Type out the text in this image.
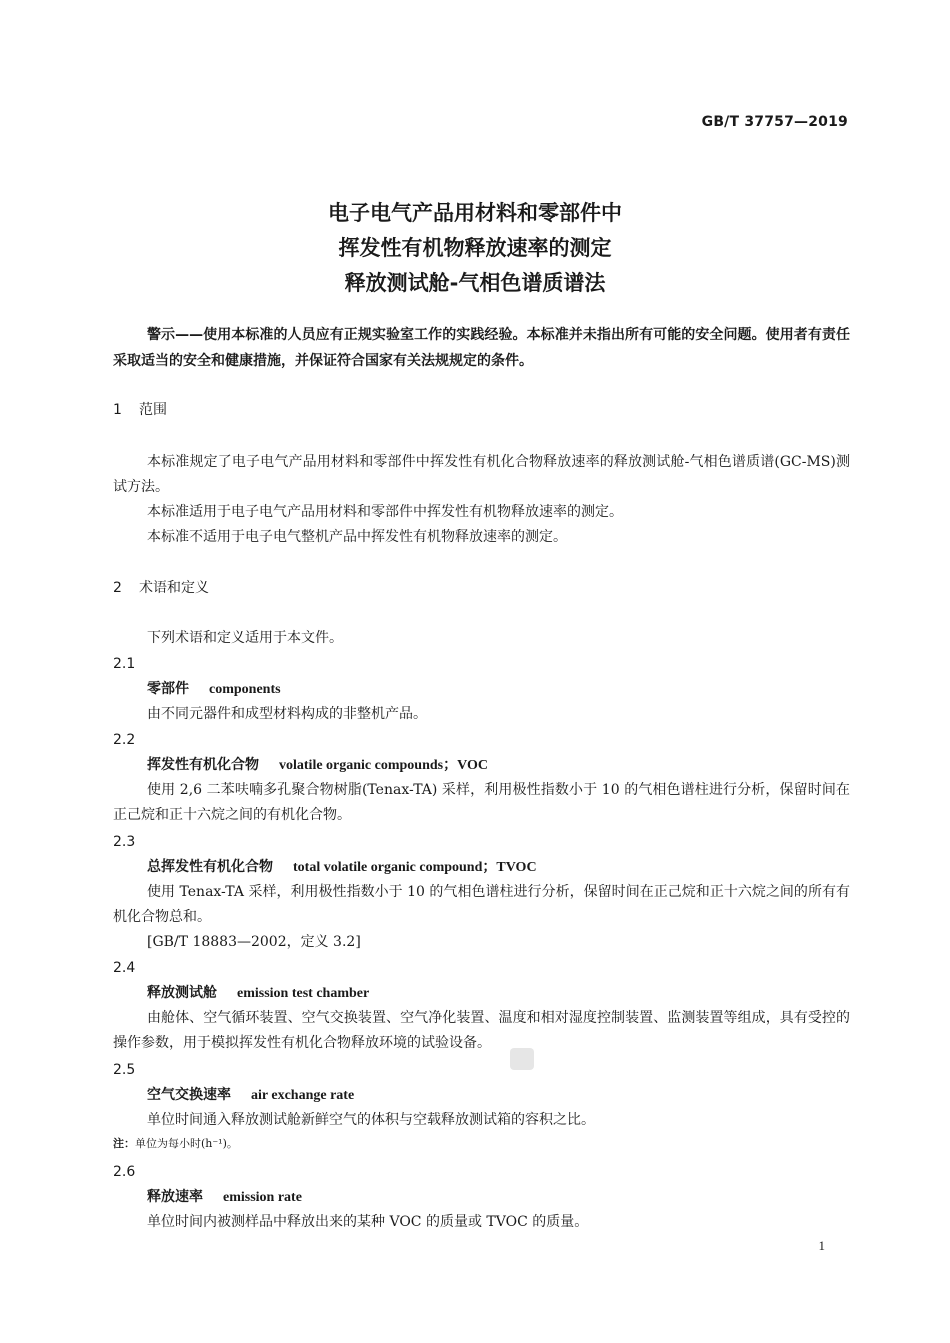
GB/T 37757—2019
电子电气产品用材料和零部件中
挥发性有机物释放速率的测定
释放测试舱-气相色谱质谱法

警示——使用本标准的人员应有正规实验室工作的实践经验。本标准并未指出所有可能的安全问题。使用者有责任采取适当的安全和健康措施，并保证符合国家有关法规规定的条件。

1 范围
本标准规定了电子电气产品用材料和零部件中挥发性有机化合物释放速率的释放测试舱-气相色谱质谱(GC-MS)测试方法。
本标准适用于电子电气产品用材料和零部件中挥发性有机物释放速率的测定。
本标准不适用于电子电气整机产品中挥发性有机物释放速率的测定。
2 术语和定义
下列术语和定义适用于本文件。
2.1
零部件 components
由不同元器件和成型材料构成的非整机产品。
2.2
挥发性有机化合物 volatile organic compounds；VOC
使用 2,6 二苯呋喃多孔聚合物树脂(Tenax-TA) 采样，利用极性指数小于 10 的气相色谱柱进行分析，保留时间在正己烷和正十六烷之间的有机化合物。
2.3
总挥发性有机化合物 total volatile organic compound；TVOC
使用 Tenax-TA 采样，利用极性指数小于 10 的气相色谱柱进行分析，保留时间在正己烷和正十六烷之间的所有有机化合物总和。
[GB/T 18883—2002，定义 3.2]
2.4
释放测试舱 emission test chamber
由舱体、空气循环装置、空气交换装置、空气净化装置、温度和相对湿度控制装置、监测装置等组成，具有受控的操作参数，用于模拟挥发性有机化合物释放环境的试验设备。
2.5
空气交换速率 air exchange rate
单位时间通入释放测试舱新鲜空气的体积与空载释放测试箱的容积之比。
注：单位为每小时(h⁻¹)。
2.6
释放速率 emission rate
单位时间内被测样品中释放出来的某种 VOC 的质量或 TVOC 的质量。
1
